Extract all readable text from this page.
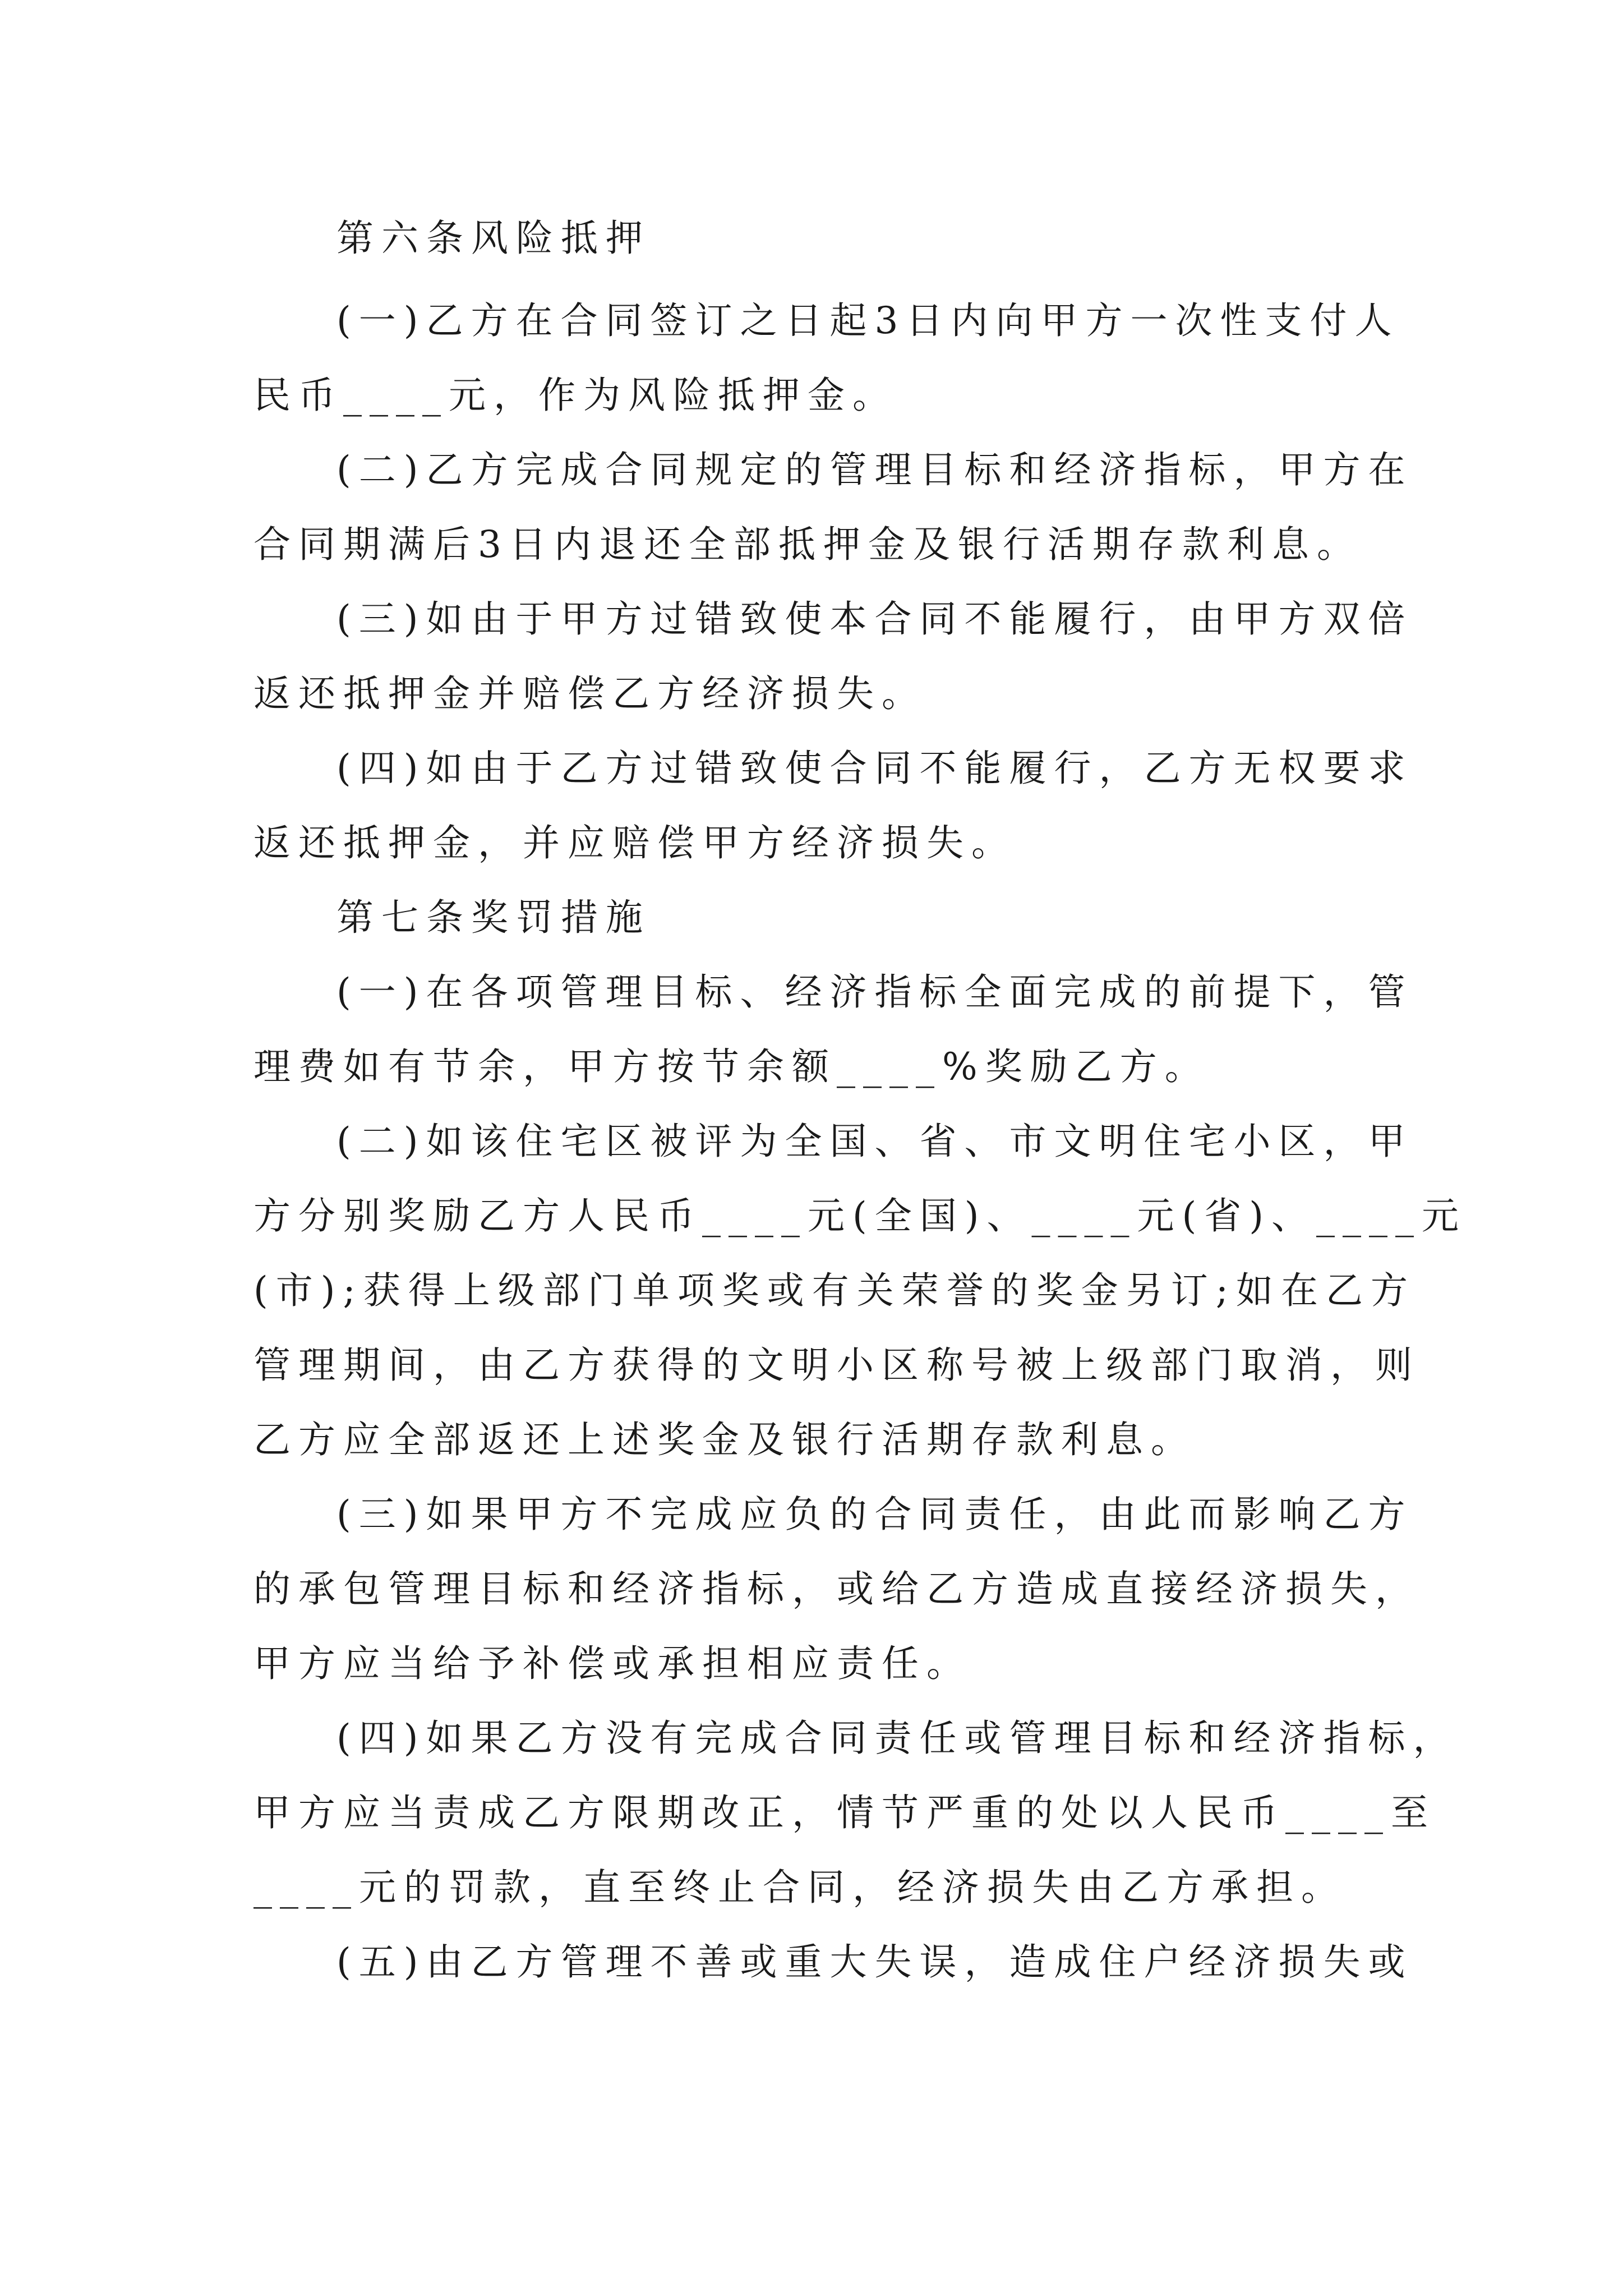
第六条风险抵押
(一)乙方在合同签订之日起3日内向甲方一次性支付人
民币____元，作为风险抵押金。
(二)乙方完成合同规定的管理目标和经济指标，甲方在
合同期满后3日内退还全部抵押金及银行活期存款利息。
(三)如由于甲方过错致使本合同不能履行，由甲方双倍
返还抵押金并赔偿乙方经济损失。
(四)如由于乙方过错致使合同不能履行，乙方无权要求
返还抵押金，并应赔偿甲方经济损失。
第七条奖罚措施
(一)在各项管理目标、经济指标全面完成的前提下，管
理费如有节余，甲方按节余额____%奖励乙方。
(二)如该住宅区被评为全国、省、市文明住宅小区，甲
方分别奖励乙方人民币____元(全国)、____元(省)、____元
(市);获得上级部门单项奖或有关荣誉的奖金另订;如在乙方
管理期间，由乙方获得的文明小区称号被上级部门取消，则
乙方应全部返还上述奖金及银行活期存款利息。
(三)如果甲方不完成应负的合同责任，由此而影响乙方
的承包管理目标和经济指标，或给乙方造成直接经济损失，
甲方应当给予补偿或承担相应责任。
(四)如果乙方没有完成合同责任或管理目标和经济指标，
甲方应当责成乙方限期改正，情节严重的处以人民币____至
____元的罚款，直至终止合同，经济损失由乙方承担。
(五)由乙方管理不善或重大失误，造成住户经济损失或
